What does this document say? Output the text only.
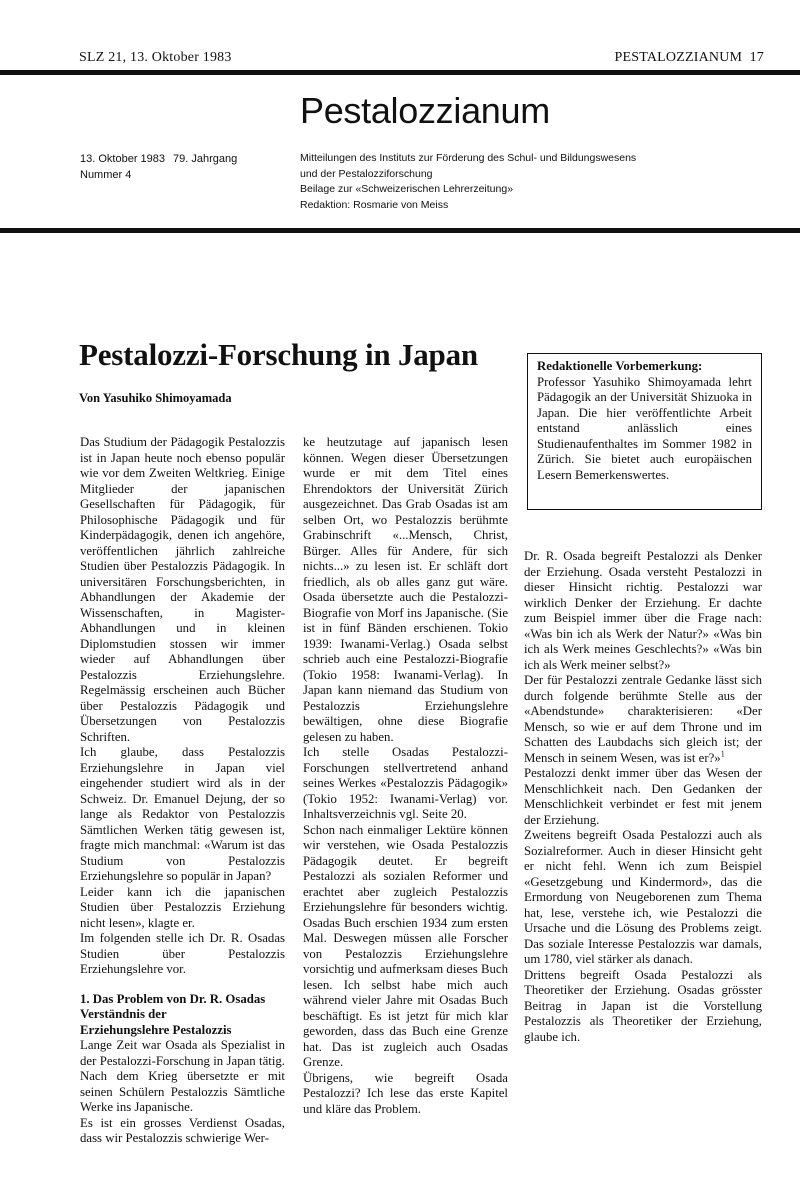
SLZ 21, 13. Oktober 1983	PESTALOZZIANUM  17
Pestalozzianum
13. Oktober 1983 79. Jahrgang
Nummer 4
Mitteilungen des Instituts zur Förderung des Schul- und Bildungswesens
und der Pestalozziforschung
Beilage zur «Schweizerischen Lehrerzeitung»
Redaktion: Rosmarie von Meiss
Pestalozzi-Forschung in Japan
Von Yasuhiko Shimoyamada
Redaktionelle Vorbemerkung:
Professor Yasuhiko Shimoyamada lehrt Pädagogik an der Universität Shizuoka in Japan. Die hier veröffentlichte Arbeit entstand anlässlich eines Studienaufenthaltes im Sommer 1982 in Zürich. Sie bietet auch europäischen Lesern Bemerkenswertes.

Das Studium der Pädagogik Pestalozzis ist in Japan heute noch ebenso populär wie vor dem Zweiten Weltkrieg. Einige Mitglieder der japanischen Gesellschaften für Pädagogik, für Philosophische Pädagogik und für Kinderpädagogik, denen ich angehöre, veröffentlichen jährlich zahlreiche Studien über Pestalozzis Pädagogik. In universitären Forschungsberichten, in Abhandlungen der Akademie der Wissenschaften, in Magister-Abhandlungen und in kleinen Diplomstudien stossen wir immer wieder auf Abhandlungen über Pestalozzis Erziehungslehre. Regelmässig erscheinen auch Bücher über Pestalozzis Pädagogik und Übersetzungen von Pestalozzis Schriften.

Ich glaube, dass Pestalozzis Erziehungslehre in Japan viel eingehender studiert wird als in der Schweiz. Dr. Emanuel Dejung, der so lange als Redaktor von Pestalozzis Sämtlichen Werken tätig gewesen ist, fragte mich manchmal: «Warum ist das Studium von Pestalozzis Erziehungslehre so populär in Japan?

Leider kann ich die japanischen Studien über Pestalozzis Erziehung nicht lesen», klagte er.

Im folgenden stelle ich Dr. R. Osadas Studien über Pestalozzis Erziehungslehre vor.

1. Das Problem von Dr. R. Osadas
Verständnis der
Erziehungslehre Pestalozzis

Lange Zeit war Osada als Spezialist in der Pestalozzi-Forschung in Japan tätig. Nach dem Krieg übersetzte er mit seinen Schülern Pestalozzis Sämtliche Werke ins Japanische.

Es ist ein grosses Verdienst Osadas, dass wir Pestalozzis schwierige Wer-

ke heutzutage auf japanisch lesen können. Wegen dieser Übersetzungen wurde er mit dem Titel eines Ehrendoktors der Universität Zürich ausgezeichnet. Das Grab Osadas ist am selben Ort, wo Pestalozzis berühmte Grabinschrift «...Mensch, Christ, Bürger. Alles für Andere, für sich nichts...» zu lesen ist. Er schläft dort friedlich, als ob alles ganz gut wäre. Osada übersetzte auch die Pestalozzi-Biografie von Morf ins Japanische. (Sie ist in fünf Bänden erschienen. Tokio 1939: Iwanami-Verlag.) Osada selbst schrieb auch eine Pestalozzi-Biografie (Tokio 1958: Iwanami-Verlag). In Japan kann niemand das Studium von Pestalozzis Erziehungslehre bewältigen, ohne diese Biografie gelesen zu haben.

Ich stelle Osadas Pestalozzi-Forschungen stellvertretend anhand seines Werkes «Pestalozzis Pädagogik» (Tokio 1952: Iwanami-Verlag) vor. Inhaltsverzeichnis vgl. Seite 20.

Schon nach einmaliger Lektüre können wir verstehen, wie Osada Pestalozzis Pädagogik deutet. Er begreift Pestalozzi als sozialen Reformer und erachtet aber zugleich Pestalozzis Erziehungslehre für besonders wichtig. Osadas Buch erschien 1934 zum ersten Mal. Deswegen müssen alle Forscher von Pestalozzis Erziehungslehre vorsichtig und aufmerksam dieses Buch lesen. Ich selbst habe mich auch während vieler Jahre mit Osadas Buch beschäftigt. Es ist jetzt für mich klar geworden, dass das Buch eine Grenze hat. Das ist zugleich auch Osadas Grenze.

Übrigens, wie begreift Osada Pestalozzi? Ich lese das erste Kapitel und kläre das Problem.

Dr. R. Osada begreift Pestalozzi als Denker der Erziehung. Osada versteht Pestalozzi in dieser Hinsicht richtig. Pestalozzi war wirklich Denker der Erziehung. Er dachte zum Beispiel immer über die Frage nach: «Was bin ich als Werk der Natur?» «Was bin ich als Werk meines Geschlechts?» «Was bin ich als Werk meiner selbst?»

Der für Pestalozzi zentrale Gedanke lässt sich durch folgende berühmte Stelle aus der «Abendstunde» charakterisieren: «Der Mensch, so wie er auf dem Throne und im Schatten des Laubdachs sich gleich ist; der Mensch in seinem Wesen, was ist er?»$^1$

Pestalozzi denkt immer über das Wesen der Menschlichkeit nach. Den Gedanken der Menschlichkeit verbindet er fest mit jenem der Erziehung.

Zweitens begreift Osada Pestalozzi auch als Sozialreformer. Auch in dieser Hinsicht geht er nicht fehl. Wenn ich zum Beispiel «Gesetzgebung und Kindermord», das die Ermordung von Neugeborenen zum Thema hat, lese, verstehe ich, wie Pestalozzi die Ursache und die Lösung des Problems zeigt. Das soziale Interesse Pestalozzis war damals, um 1780, viel stärker als danach.

Drittens begreift Osada Pestalozzi als Theoretiker der Erziehung. Osadas grösster Beitrag in Japan ist die Vorstellung Pestalozzis als Theoretiker der Erziehung, glaube ich.
